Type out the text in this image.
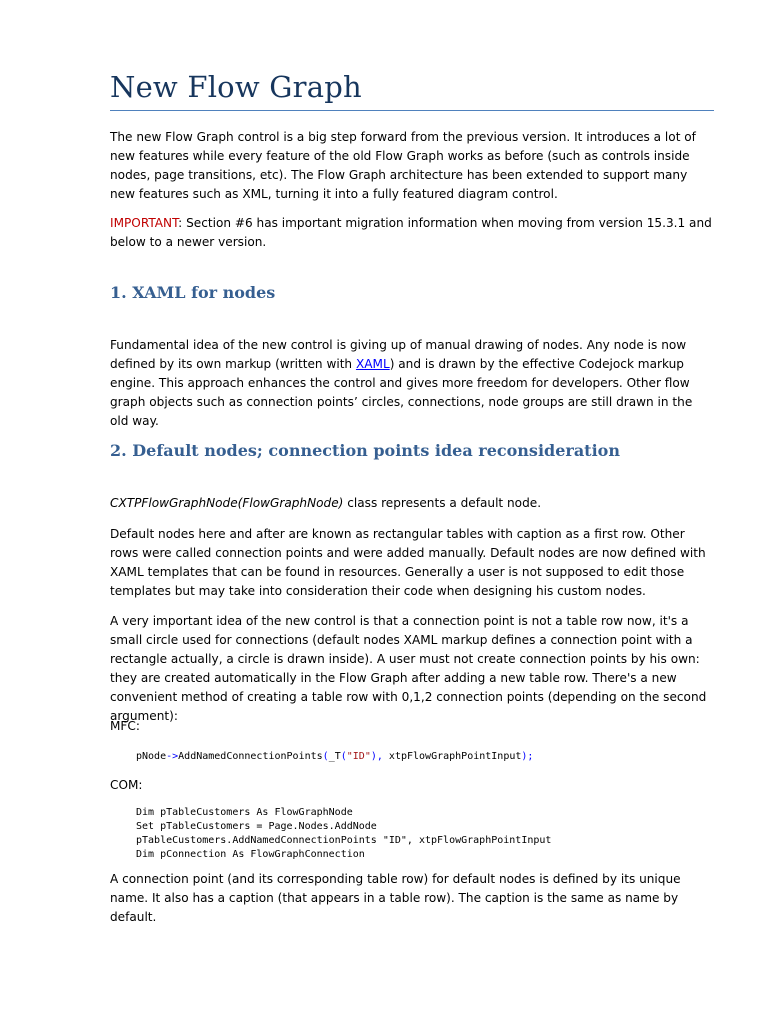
New Flow Graph

The new Flow Graph control is a big step forward from the previous version. It introduces a lot of new features while every feature of the old Flow Graph works as before (such as controls inside nodes, page transitions, etc). The Flow Graph architecture has been extended to support many new features such as XML, turning it into a fully featured diagram control.

IMPORTANT: Section #6 has important migration information when moving from version 15.3.1 and below to a newer version.

1. XAML for nodes

Fundamental idea of the new control is giving up of manual drawing of nodes. Any node is now defined by its own markup (written with XAML) and is drawn by the effective Codejock markup engine. This approach enhances the control and gives more freedom for developers. Other flow graph objects such as connection points’ circles, connections, node groups are still drawn in the old way.

2. Default nodes; connection points idea reconsideration

CXTPFlowGraphNode(FlowGraphNode) class represents a default node.

Default nodes here and after are known as rectangular tables with caption as a first row. Other rows were called connection points and were added manually. Default nodes are now defined with XAML templates that can be found in resources. Generally a user is not supposed to edit those templates but may take into consideration their code when designing his custom nodes.

A very important idea of the new control is that a connection point is not a table row now, it's a small circle used for connections (default nodes XAML markup defines a connection point with a rectangle actually, a circle is drawn inside). A user must not create connection points by his own: they are created automatically in the Flow Graph after adding a new table row. There's a new convenient method of creating a table row with 0,1,2 connection points (depending on the second argument):

MFC:

pNode->AddNamedConnectionPoints(_T("ID"), xtpFlowGraphPointInput);

COM:

Dim pTableCustomers As FlowGraphNode
Set pTableCustomers = Page.Nodes.AddNode
pTableCustomers.AddNamedConnectionPoints "ID", xtpFlowGraphPointInput
Dim pConnection As FlowGraphConnection

A connection point (and its corresponding table row) for default nodes is defined by its unique name. It also has a caption (that appears in a table row). The caption is the same as name by default.
